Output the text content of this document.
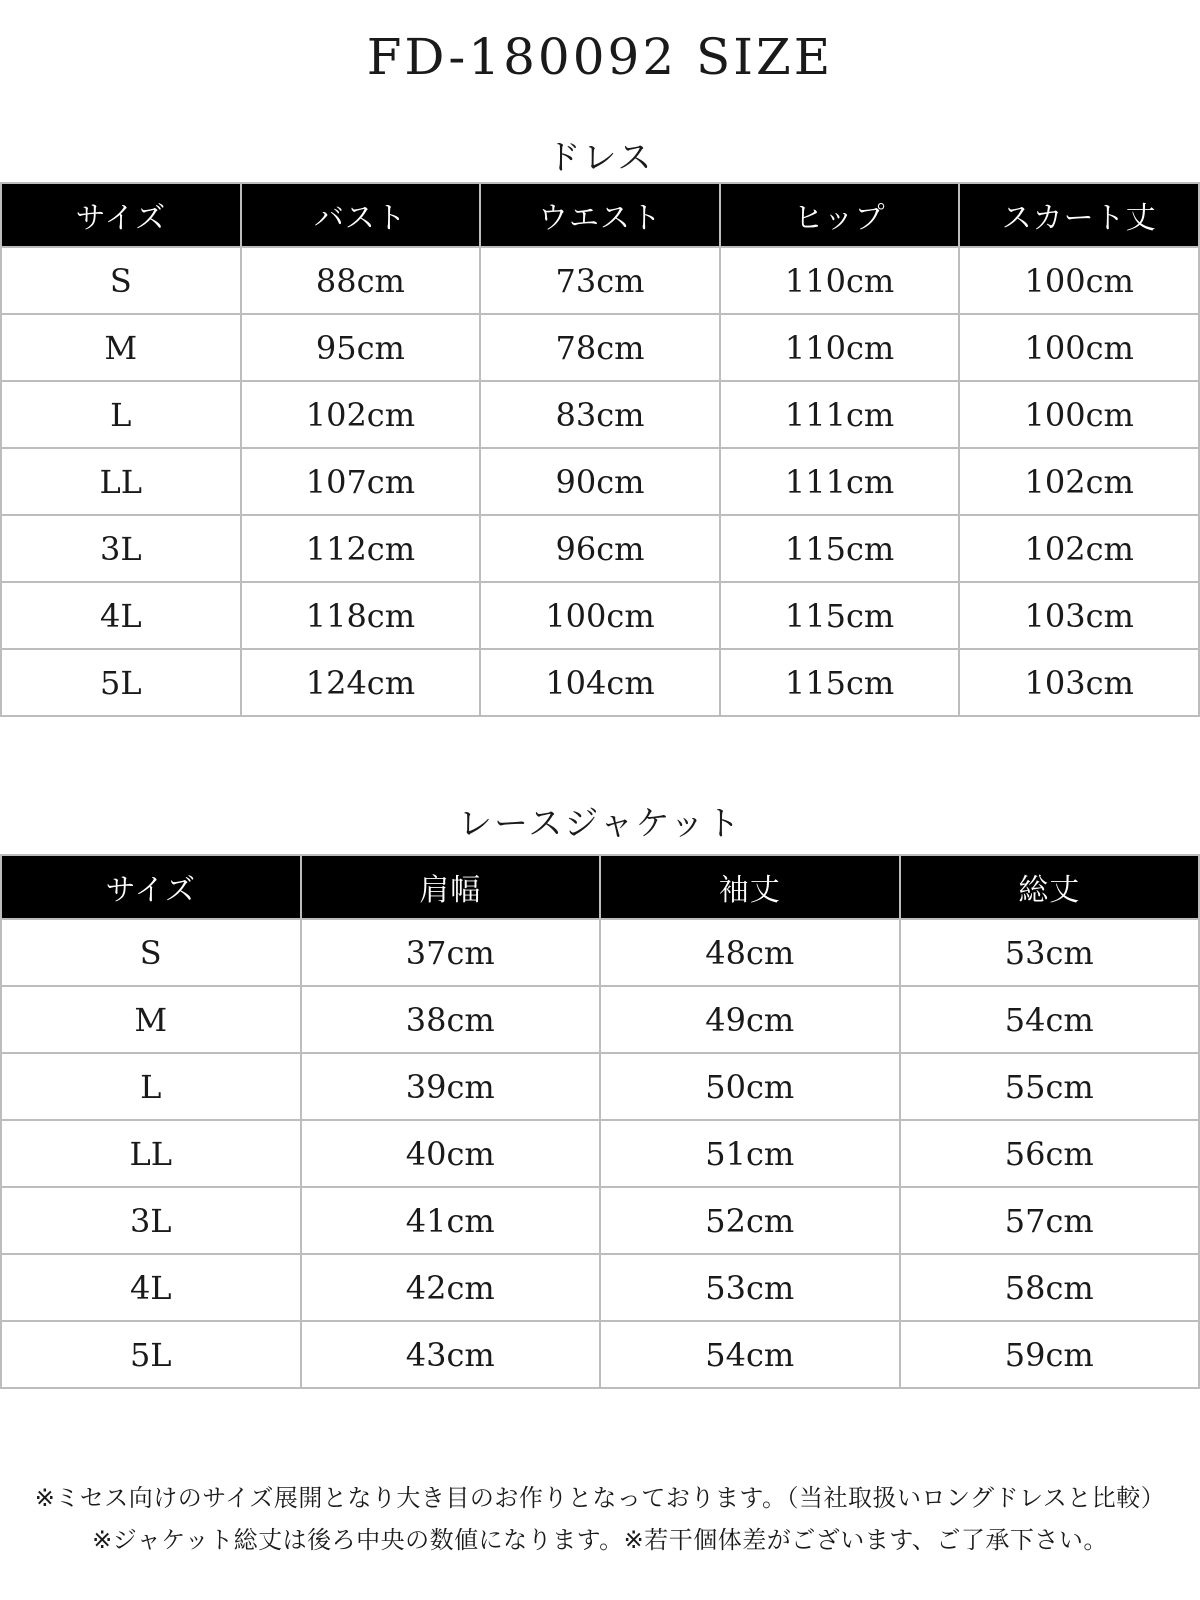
FD-180092 SIZE
ドレス
サイズ	バスト	ウエスト	ヒップ	スカート丈
S	88cm	73cm	110cm	100cm
M	95cm	78cm	110cm	100cm
L	102cm	83cm	111cm	100cm
LL	107cm	90cm	111cm	102cm
3L	112cm	96cm	115cm	102cm
4L	118cm	100cm	115cm	103cm
5L	124cm	104cm	115cm	103cm
レースジャケット
サイズ	肩幅	袖丈	総丈
S	37cm	48cm	53cm
M	38cm	49cm	54cm
L	39cm	50cm	55cm
LL	40cm	51cm	56cm
3L	41cm	52cm	57cm
4L	42cm	53cm	58cm
5L	43cm	54cm	59cm
※ミセス向けのサイズ展開となり大き目のお作りとなっております。（当社取扱いロングドレスと比較）
※ジャケット総丈は後ろ中央の数値になります。※若干個体差がございます、ご了承下さい。
